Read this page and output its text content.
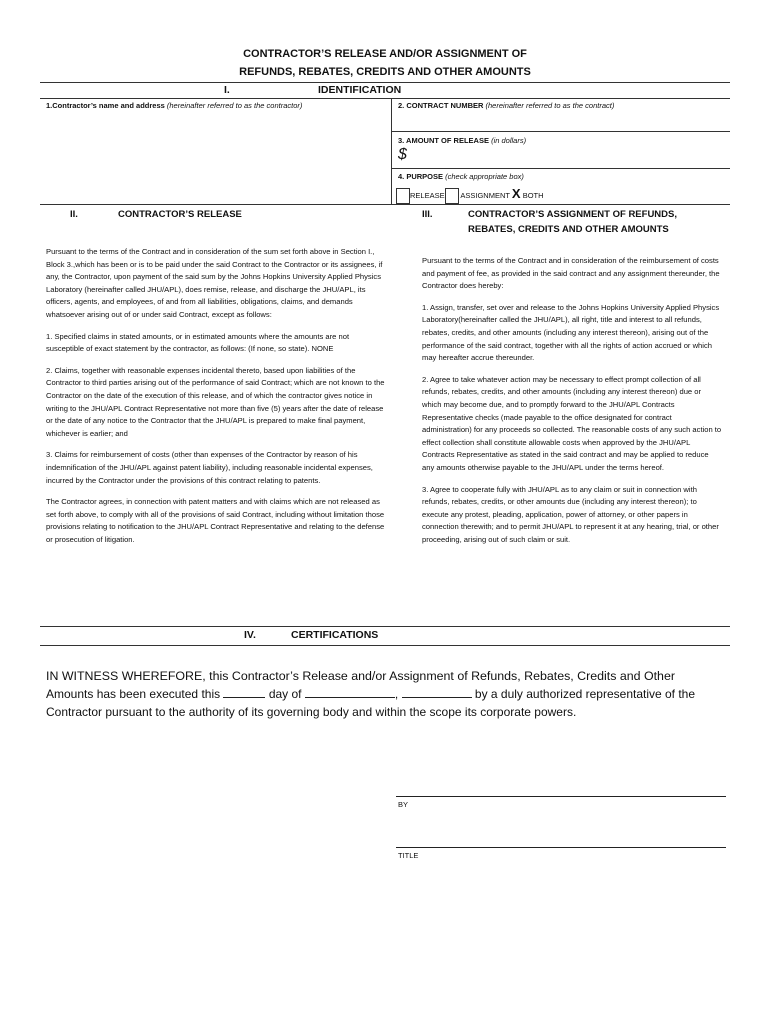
CONTRACTOR’S RELEASE AND/OR ASSIGNMENT OF
REFUNDS, REBATES, CREDITS AND OTHER AMOUNTS
I.	IDENTIFICATION
1.Contractor’s name and address (hereinafter referred to as the contractor)	2. CONTRACT NUMBER (hereinafter referred to as the contract)
3. AMOUNT OF RELEASE (in dollars)
$
4. PURPOSE (check appropriate box)
RELEASE ASSIGNMENT X BOTH
II.	CONTRACTOR’S RELEASE

Pursuant to the terms of the Contract and in consideration of the sum set forth above in Section I., Block 3.,which has been or is to be paid under the said Contract to the Contractor or its assignees, if any, the Contractor, upon payment of the said sum by the Johns Hopkins University Applied Physics Laboratory (hereinafter called JHU/APL), does remise, release, and discharge the JHU/APL, its officers, agents, and employees, of and from all liabilities, obligations, claims, and demands whatsoever arising out of or under said Contract, except as follows:

1. Specified claims in stated amounts, or in estimated amounts where the amounts are not susceptible of exact statement by the contractor, as follows: (If none, so state). NONE

2. Claims, together with reasonable expenses incidental thereto, based upon liabilities of the Contractor to third parties arising out of the performance of said Contract; which are not known to the Contractor on the date of the execution of this release, and of which the contractor gives notice in writing to the JHU/APL Contract Representative not more than five (5) years after the date of release or the date of any notice to the Contractor that the JHU/APL is prepared to make final payment, whichever is earlier; and

3. Claims for reimbursement of costs (other than expenses of the Contractor by reason of his indemnification of the JHU/APL against patent liability), including reasonable incidental expenses, incurred by the Contractor under the provisions of this contract relating to patents.

The Contractor agrees, in connection with patent matters and with claims which are not released as set forth above, to comply with all of the provisions of said Contract, including without limitation those provisions relating to notification to the JHU/APL Contract Representative and relating to the defense or prosecution of litigation.

III.	CONTRACTOR’S ASSIGNMENT OF REFUNDS,
REBATES, CREDITS AND OTHER AMOUNTS

Pursuant to the terms of the Contract and in consideration of the reimbursement of costs and payment of fee, as provided in the said contract and any assignment thereunder, the Contractor does hereby:

1. Assign, transfer, set over and release to the Johns Hopkins University Applied Physics Laboratory(hereinafter called the JHU/APL), all right, title and interest to all refunds, rebates, credits, and other amounts (including any interest thereon), arising out of the performance of the said contract, together with all the rights of action accrued or which may hereafter accrue thereunder.

2. Agree to take whatever action may be necessary to effect prompt collection of all refunds, rebates, credits, and other amounts (including any interest thereon) due or which may become due, and to promptly forward to the JHU/APL Contracts Representative checks (made payable to the office designated for contract administration) for any proceeds so collected. The reasonable costs of any such action to effect collection shall constitute allowable costs when approved by the JHU/APL Contracts Representative as stated in the said contract and may be applied to reduce any amounts otherwise payable to the JHU/APL under the terms hereof.

3. Agree to cooperate fully with JHU/APL as to any claim or suit in connection with refunds, rebates, credits, or other amounts due (including any interest thereon); to execute any protest, pleading, application, power of attorney, or other papers in connection therewith; and to permit JHU/APL to represent it at any hearing, trial, or other proceeding, arising out of such claim or suit.

IV.	CERTIFICATIONS
IN WITNESS WHEREFORE, this Contractor’s Release and/or Assignment of Refunds, Rebates, Credits and Other
Amounts has been executed this	day of	,	by a duly authorized representative of the
Contractor pursuant to the authority of its governing body and within the scope its corporate powers.
BY
TITLE
